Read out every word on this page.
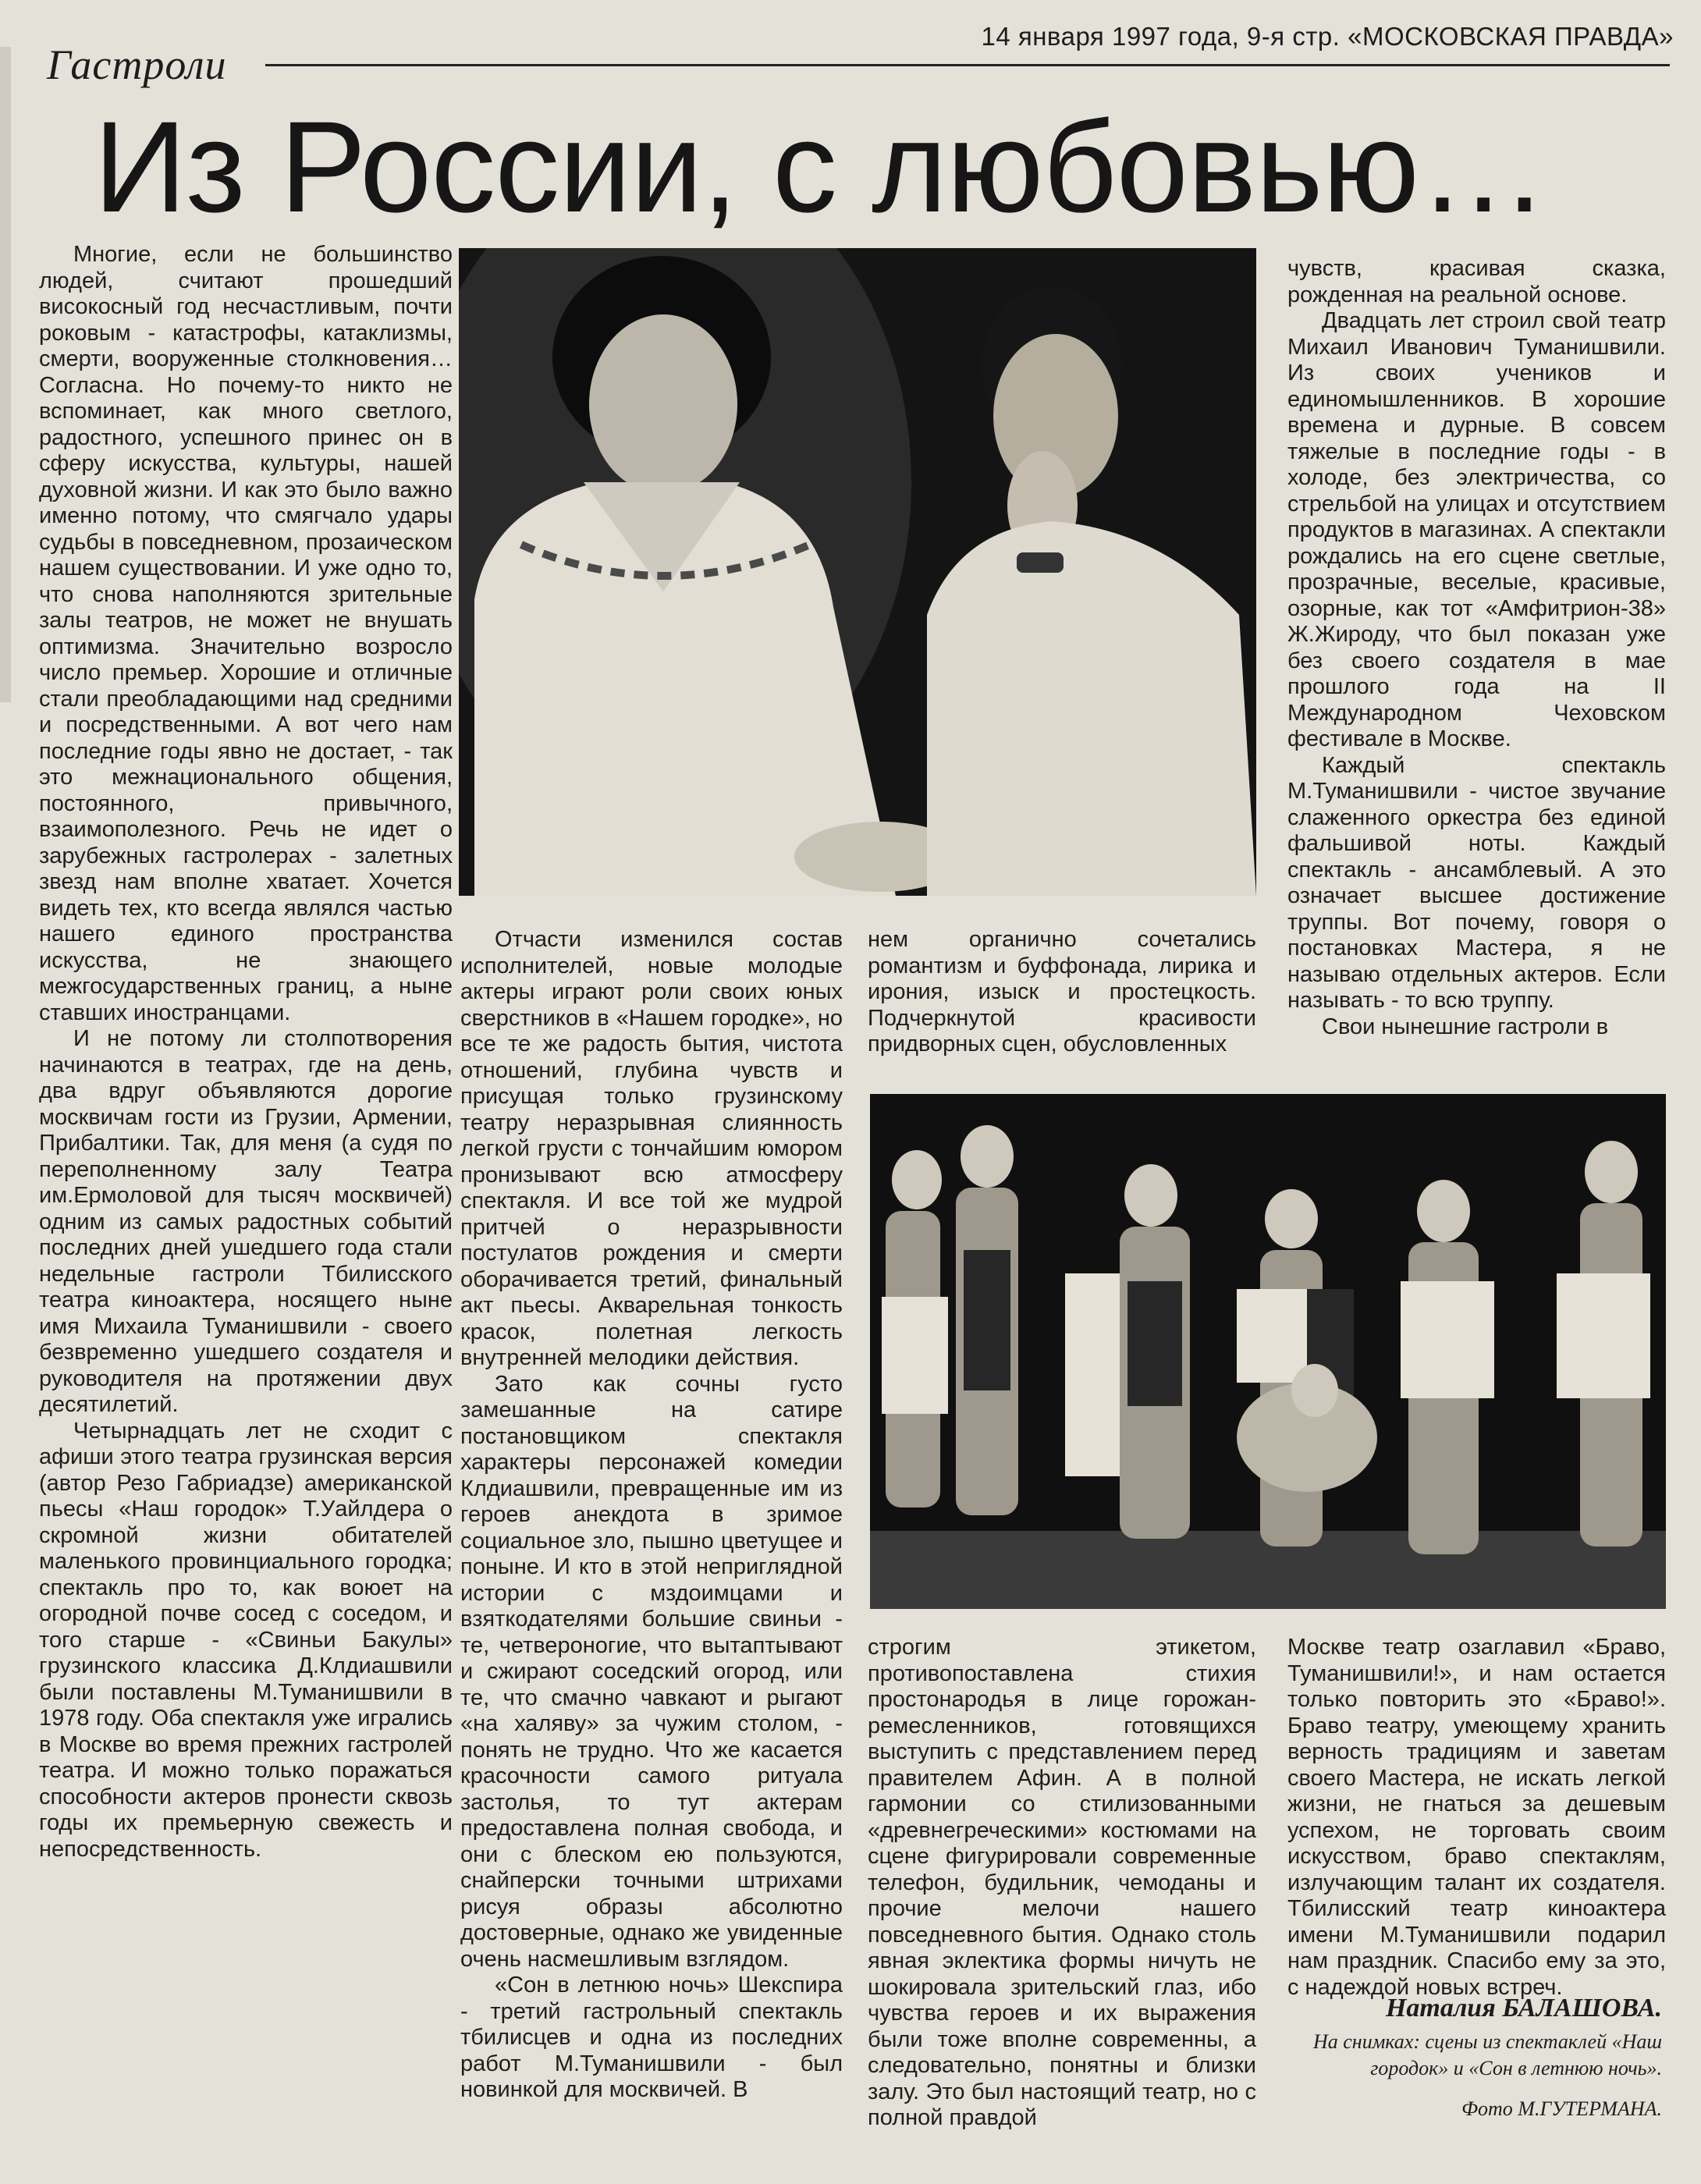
14 января 1997 года, 9-я стр. «МОСКОВСКАЯ ПРАВДА»
Гастроли
Из России, с любовью…

Многие, если не большинство людей, считают прошедший високосный год несчастливым, почти роковым - катастрофы, катаклизмы, смерти, вооруженные столкновения…Согласна. Но почему-то никто не вспоминает, как много светлого, радостного, успешного принес он в сферу искусства, культуры, нашей духовной жизни. И как это было важно именно потому, что смягчало удары судьбы в повседневном, прозаическом нашем существовании. И уже одно то, что снова наполняются зрительные залы театров, не может не внушать оптимизма. Значительно возросло число премьер. Хорошие и отличные стали преобладающими над средними и посредственными. А вот чего нам последние годы явно не достает, - так это межнационального общения, постоянного, привычного, взаимополезного. Речь не идет о зарубежных гастролерах - залетных звезд нам вполне хватает. Хочется видеть тех, кто всегда являлся частью нашего единого пространства искусства, не знающего межгосударственных границ, а ныне ставших иностранцами.

И не потому ли столпотворения начинаются в театрах, где на день, два вдруг объявляются дорогие москвичам гости из Грузии, Армении, Прибалтики. Так, для меня (а судя по переполненному залу Театра им.Ермоловой для тысяч москвичей) одним из самых радостных событий последних дней ушедшего года стали недельные гастроли Тбилисского театра киноактера, носящего ныне имя Михаила Туманишвили - своего безвременно ушедшего создателя и руководителя на протяжении двух десятилетий.

Четырнадцать лет не сходит с афиши этого театра грузинская версия (автор Резо Габриадзе) американской пьесы «Наш городок» Т.Уайлдера о скромной жизни обитателей маленького провинциального городка; спектакль про то, как воюет на огородной почве сосед с соседом, и того старше - «Свиньи Бакулы» грузинского классика Д.Клдиашвили были поставлены М.Туманишвили в 1978 году. Оба спектакля уже игрались в Москве во время прежних гастролей театра. И можно только поражаться способности актеров пронести сквозь годы их премьерную свежесть и непосредственность.

Отчасти изменился состав исполнителей, новые молодые актеры играют роли своих юных сверстников в «Нашем городке», но все те же радость бытия, чистота отношений, глубина чувств и присущая только грузинскому театру неразрывная слиянность легкой грусти с тончайшим юмором пронизывают всю атмосферу спектакля. И все той же мудрой притчей о неразрывности постулатов рождения и смерти оборачивается третий, финальный акт пьесы. Акварельная тонкость красок, полетная легкость внутренней мелодики действия.

Зато как сочны густо замешанные на сатире постановщиком спектакля характеры персонажей комедии Клдиашвили, превращенные им из героев анекдота в зримое социальное зло, пышно цветущее и поныне. И кто в этой неприглядной истории с мздоимцами и взяткодателями большие свиньи - те, четвероногие, что вытаптывают и сжирают соседский огород, или те, что смачно чавкают и рыгают «на халяву» за чужим столом, - понять не трудно. Что же касается красочности самого ритуала застолья, то тут актерам предоставлена полная свобода, и они с блеском ею пользуются, снайперски точными штрихами рисуя образы абсолютно достоверные, однако же увиденные очень насмешливым взглядом.

«Сон в летнюю ночь» Шекспира - третий гастрольный спектакль тбилисцев и одна из последних работ М.Туманишвили - был новинкой для москвичей. В

нем органично сочетались романтизм и буффонада, лирика и ирония, изыск и простецкость. Подчеркнутой красивости придворных сцен, обусловленных

чувств, красивая сказка, рожденная на реальной основе.

Двадцать лет строил свой театр Михаил Иванович Туманишвили. Из своих учеников и единомышленников. В хорошие времена и дурные. В совсем тяжелые в последние годы - в холоде, без электричества, со стрельбой на улицах и отсутствием продуктов в магазинах. А спектакли рождались на его сцене светлые, прозрачные, веселые, красивые, озорные, как тот «Амфитрион-38» Ж.Жироду, что был показан уже без своего создателя в мае прошлого года на II Международном Чеховском фестивале в Москве.

Каждый спектакль М.Туманишвили - чистое звучание слаженного оркестра без единой фальшивой ноты. Каждый спектакль - ансамблевый. А это означает высшее достижение труппы. Вот почему, говоря о постановках Мастера, я не называю отдельных актеров. Если называть - то всю труппу.

Свои нынешние гастроли в

строгим этикетом, противопоставлена стихия простонародья в лице горожан-ремесленников, готовящихся выступить с представлением перед правителем Афин. А в полной гармонии со стилизованными «древнегреческими» костюмами на сцене фигурировали современные телефон, будильник, чемоданы и прочие мелочи нашего повседневного бытия. Однако столь явная эклектика формы ничуть не шокировала зрительский глаз, ибо чувства героев и их выражения были тоже вполне современны, а следовательно, понятны и близки залу. Это был настоящий театр, но с полной правдой

Москве театр озаглавил «Браво, Туманишвили!», и нам остается только повторить это «Браво!». Браво театру, умеющему хранить верность традициям и заветам своего Мастера, не искать легкой жизни, не гнаться за дешевым успехом, не торговать своим искусством, браво спектаклям, излучающим талант их создателя. Тбилисский театр киноактера имени М.Туманишвили подарил нам праздник. Спасибо ему за это, с надеждой новых встреч.

Наталия БАЛАШОВА.
На снимках: сцены из спектаклей «Наш городок» и «Сон в летнюю ночь».
Фото М.ГУТЕРМАНА.
